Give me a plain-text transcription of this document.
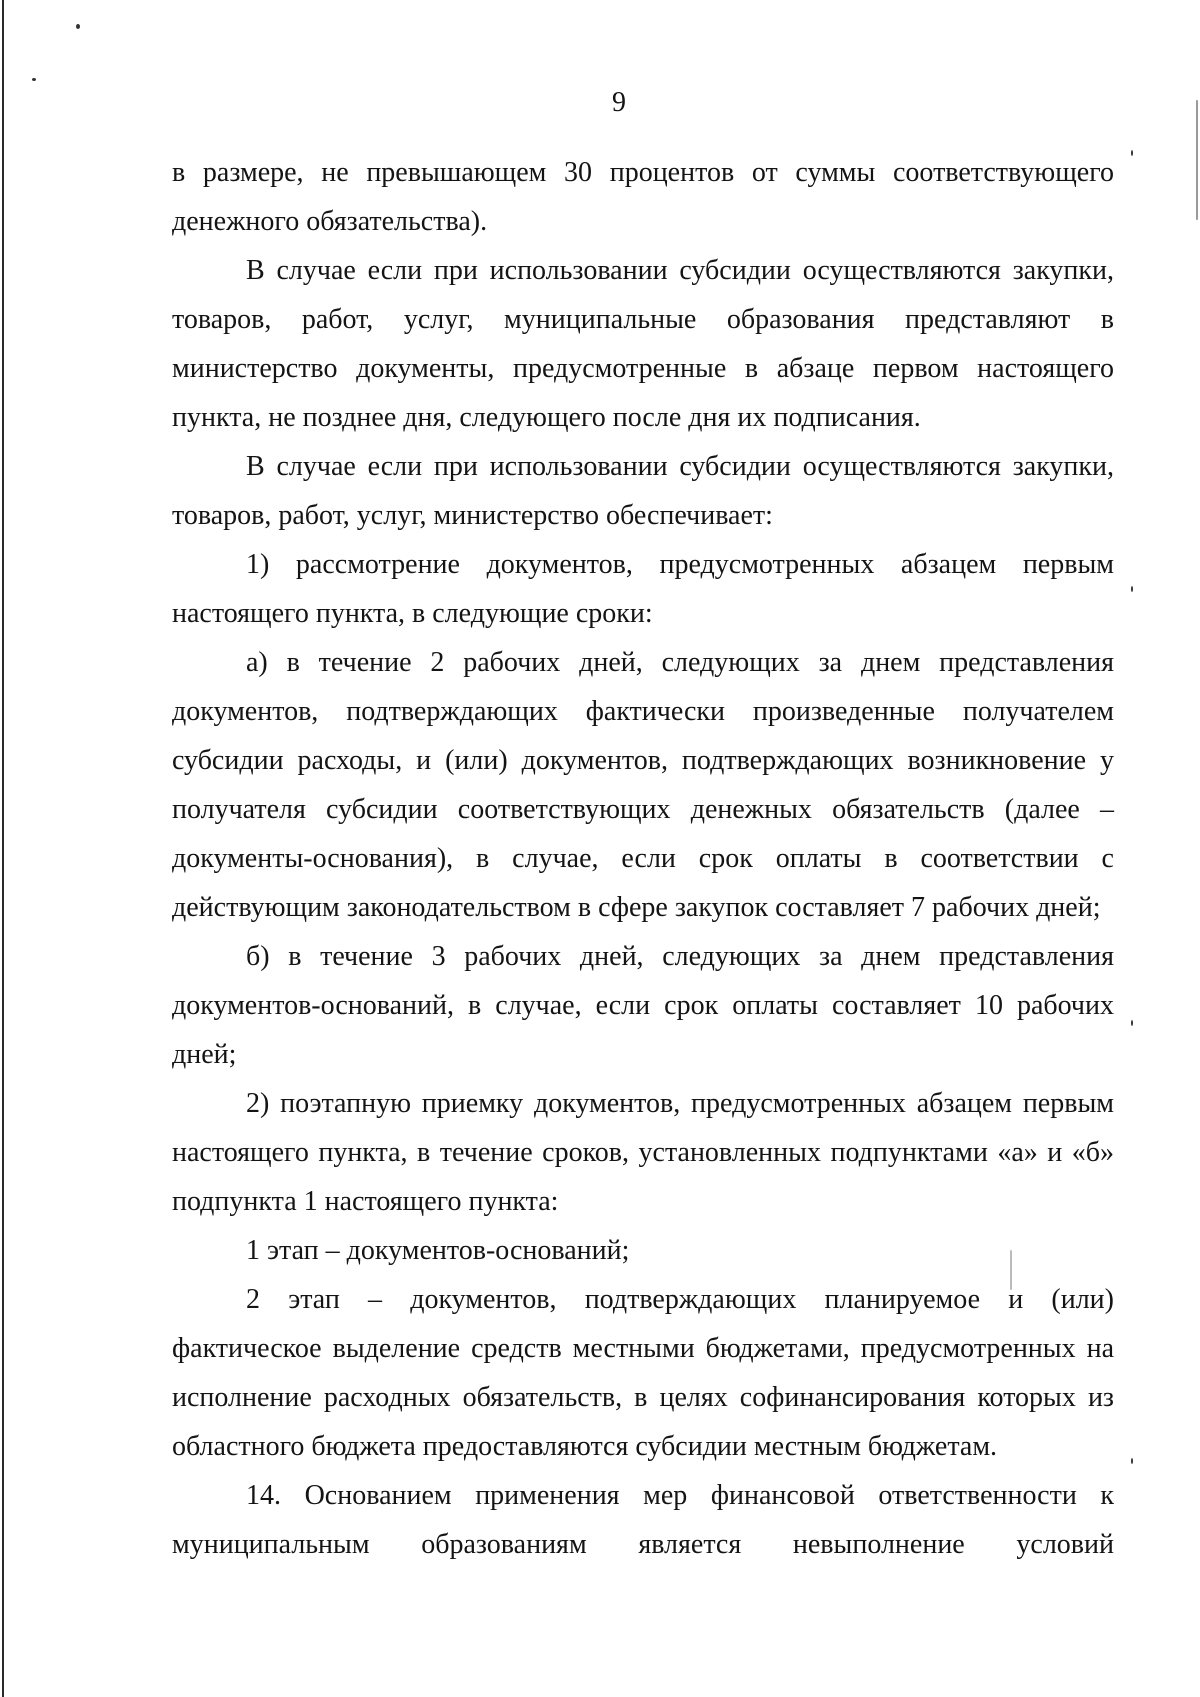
9

в размере, не превышающем 30 процентов от суммы соответствующего денежного обязательства).

В случае если при использовании субсидии осуществляются закупки, товаров, работ, услуг, муниципальные образования представляют в министерство документы, предусмотренные в абзаце первом настоящего пункта, не позднее дня, следующего после дня их подписания.

В случае если при использовании субсидии осуществляются закупки, товаров, работ, услуг, министерство обеспечивает:

1) рассмотрение документов, предусмотренных абзацем первым настоящего пункта, в следующие сроки:

а) в течение 2 рабочих дней, следующих за днем представления документов, подтверждающих фактически произведенные получателем субсидии расходы, и (или) документов, подтверждающих возникновение у получателя субсидии соответствующих денежных обязательств (далее – документы-основания), в случае, если срок оплаты в соответствии с действующим законодательством в сфере закупок составляет 7 рабочих дней;

б) в течение 3 рабочих дней, следующих за днем представления документов-оснований, в случае, если срок оплаты составляет 10 рабочих дней;

2) поэтапную приемку документов, предусмотренных абзацем первым настоящего пункта, в течение сроков, установленных подпунктами «а» и «б» подпункта 1 настоящего пункта:

1 этап – документов-оснований;

2 этап – документов, подтверждающих планируемое и (или) фактическое выделение средств местными бюджетами, предусмотренных на исполнение расходных обязательств, в целях софинансирования которых из областного бюджета предоставляются субсидии местным бюджетам.

14. Основанием применения мер финансовой ответственности к муниципальным образованиям является невыполнение условий
